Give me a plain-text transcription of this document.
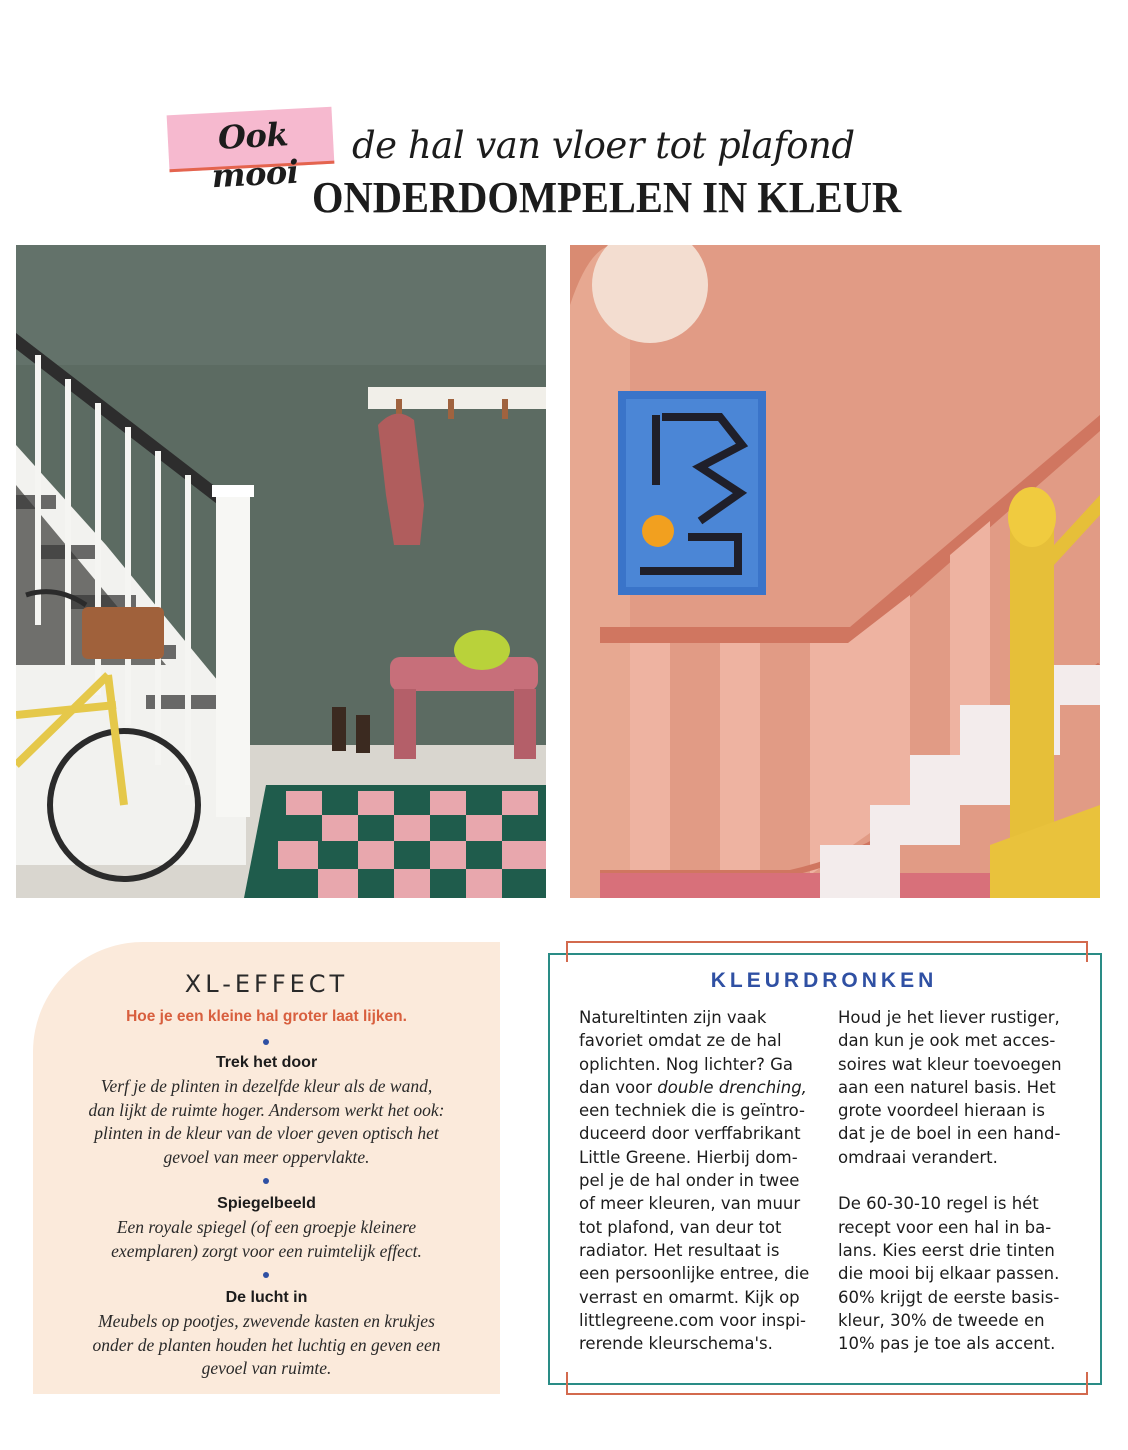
Ook mooi
de hal van vloer tot plafond
ONDERDOMPELEN IN KLEUR
XL-EFFECT
Hoe je een kleine hal groter laat lijken.
Trek het door
Verf je de plinten in dezelfde kleur als de wand,
dan lijkt de ruimte hoger. Andersom werkt het ook:
plinten in de kleur van de vloer geven optisch het
gevoel van meer oppervlakte.
Spiegelbeeld
Een royale spiegel (of een groepje kleinere
exemplaren) zorgt voor een ruimtelijk effect.
De lucht in
Meubels op pootjes, zwevende kasten en krukjes
onder de planten houden het luchtig en geven een
gevoel van ruimte.
KLEURDRONKEN

Natureltinten zijn vaak

favoriet omdat ze de hal

oplichten. Nog lichter? Ga

dan voor double drenching,

een techniek die is geïntro-

duceerd door verffabrikant

Little Greene. Hierbij dom-

pel je de hal onder in twee

of meer kleuren, van muur

tot plafond, van deur tot

radiator. Het resultaat is

een persoonlijke entree, die

verrast en omarmt. Kijk op

littlegreene.com voor inspi-

rerende kleurschema's.

Houd je het liever rustiger,

dan kun je ook met acces-

soires wat kleur toevoegen

aan een naturel basis. Het

grote voordeel hieraan is

dat je de boel in een hand-

omdraai verandert.

De 60-30-10 regel is hét

recept voor een hal in ba-

lans. Kies eerst drie tinten

die mooi bij elkaar passen.

60% krijgt de eerste basis-

kleur, 30% de tweede en

10% pas je toe als accent.
